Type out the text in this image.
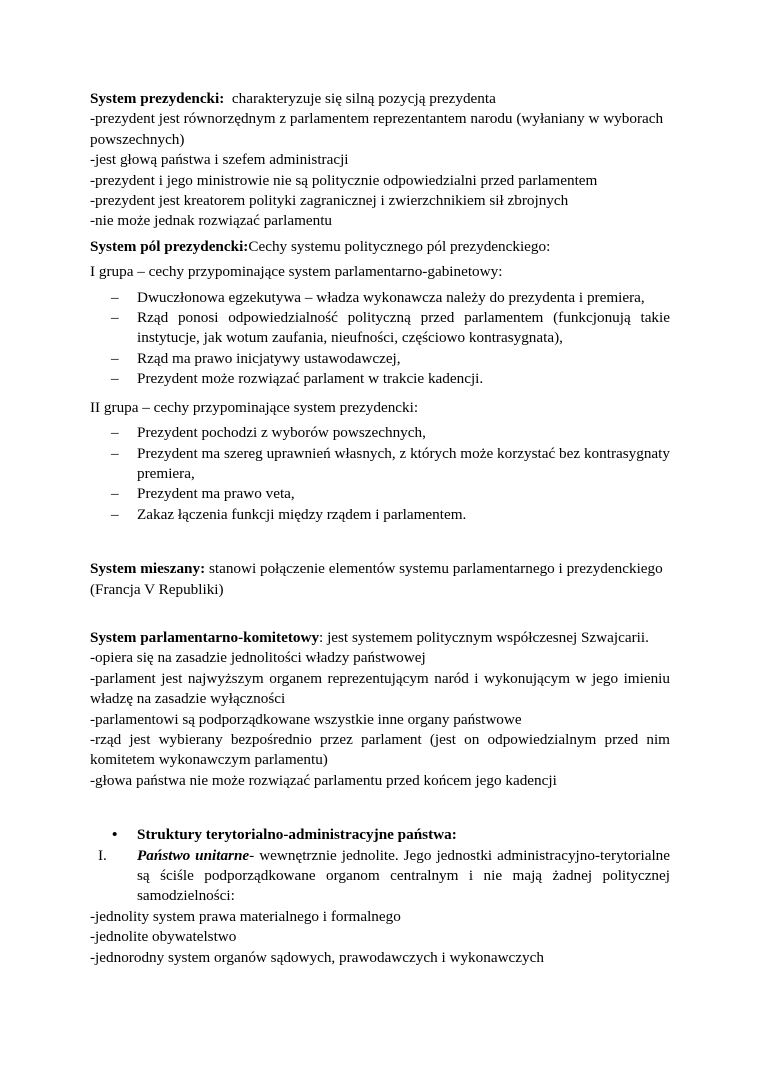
System prezydencki:  charakteryzuje się silną pozycją prezydenta

-prezydent jest równorzędnym z parlamentem reprezentantem narodu (wyłaniany w wyborach powszechnych)

-jest głową państwa i szefem administracji

-prezydent i jego ministrowie nie są politycznie odpowiedzialni przed parlamentem

-prezydent jest kreatorem polityki zagranicznej i zwierzchnikiem sił zbrojnych

-nie może jednak rozwiązać parlamentu

System pól prezydencki:Cechy systemu politycznego pól prezydenckiego:

I grupa – cechy przypominające system parlamentarno-gabinetowy:

– Dwuczłonowa egzekutywa – władza wykonawcza należy do prezydenta i premiera,
– Rząd ponosi odpowiedzialność polityczną przed parlamentem (funkcjonują takie instytucje, jak wotum zaufania, nieufności, częściowo kontrasygnata),
– Rząd ma prawo inicjatywy ustawodawczej,
– Prezydent może rozwiązać parlament w trakcie kadencji.

II grupa – cechy przypominające system prezydencki:

– Prezydent pochodzi z wyborów powszechnych,
– Prezydent ma szereg uprawnień własnych, z których może korzystać bez kontrasygnaty premiera,
– Prezydent ma prawo veta,
– Zakaz łączenia funkcji między rządem i parlamentem.

System mieszany: stanowi połączenie elementów systemu parlamentarnego i prezydenckiego (Francja V Republiki)

System parlamentarno-komitetowy: jest systemem politycznym współczesnej Szwajcarii.

-opiera się na zasadzie jednolitości władzy państwowej

-parlament jest najwyższym organem reprezentującym naród i wykonującym w jego imieniu władzę na zasadzie wyłączności

-parlamentowi są podporządkowane wszystkie inne organy państwowe

-rząd jest wybierany bezpośrednio przez parlament (jest on odpowiedzialnym przed nim komitetem wykonawczym parlamentu)

-głowa państwa nie może rozwiązać parlamentu przed końcem jego kadencji

• Struktury terytorialno-administracyjne państwa:

I. Państwo unitarne- wewnętrznie jednolite. Jego jednostki administracyjno-terytorialne są ściśle podporządkowane organom centralnym i nie mają żadnej politycznej samodzielności:

-jednolity system prawa materialnego i formalnego

-jednolite obywatelstwo

-jednorodny system organów sądowych, prawodawczych i wykonawczych
